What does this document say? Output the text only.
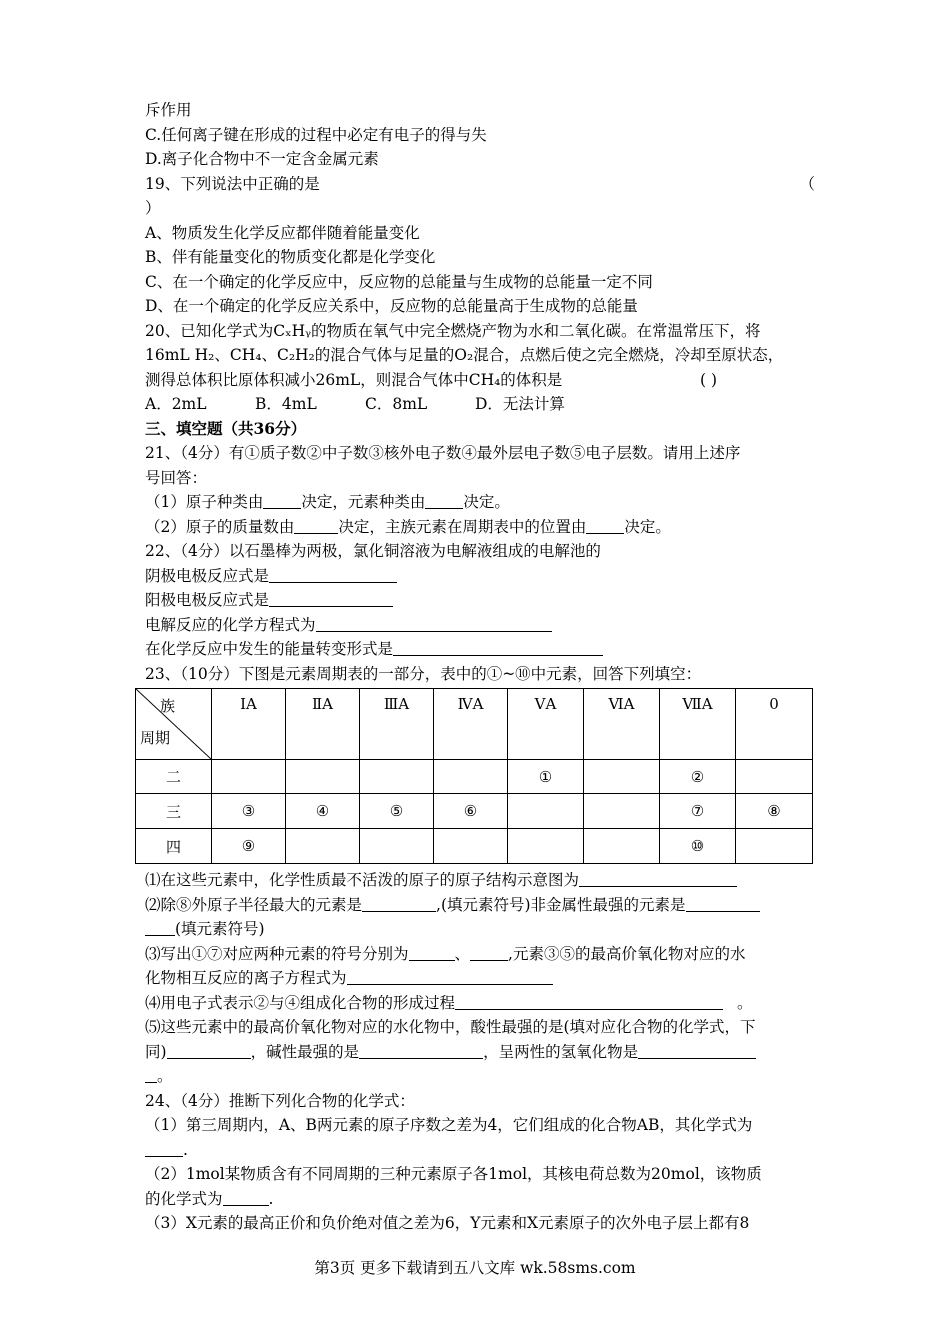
斥作用
C.任何离子键在形成的过程中必定有电子的得与失
D.离子化合物中不一定含金属元素
19、下列说法中正确的是	（
）
A、物质发生化学反应都伴随着能量变化
B、伴有能量变化的物质变化都是化学变化
C、在一个确定的化学反应中，反应物的总能量与生成物的总能量一定不同
D、在一个确定的化学反应关系中，反应物的总能量高于生成物的总能量
20、已知化学式为CₓHᵧ的物质在氧气中完全燃烧产物为水和二氧化碳。在常温常压下，将
16mL H₂、CH₄、C₂H₂的混合气体与足量的O₂混合，点燃后使之完全燃烧，冷却至原状态，
测得总体积比原体积减小26mL，则混合气体中CH₄的体积是	( )
A．2mL	B．4mL	C．8mL	D．无法计算
三、填空题（共36分）
21、（4分）有①质子数②中子数③核外电子数④最外层电子数⑤电子层数。请用上述序
号回答：
（1）原子种类由 决定，元素种类由 决定。
（2）原子的质量数由	决定，主族元素在周期表中的位置由 决定。
22、（4分）以石墨棒为两极，氯化铜溶液为电解液组成的电解池的
阴极电极反应式是
阳极电极反应式是
电解反应的化学方程式为
在化学反应中发生的能量转变形式是
23、（10分）下图是元素周期表的一部分，表中的①~⑩中元素，回答下列填空：
族
周期	ⅠA	ⅡA	ⅢA	ⅣA	ⅤA	ⅥA	ⅦA	0
二					①		②	
三	③	④	⑤	⑥			⑦	⑧
四	⑨						⑩	
⑴在这些元素中，化学性质最不活泼的原子的原子结构示意图为
⑵除⑧外原子半径最大的元素是	,(填元素符号)非金属性最强的元素是
(填元素符号)
⑶写出①⑦对应两种元素的符号分别为	、 ,元素③⑤的最高价氧化物对应的水
化物相互反应的离子方程式为
⑷用电子式表示②与④组成化合物的形成过程	。
⑸这些元素中的最高价氧化物对应的水化物中，酸性最强的是(填对应化合物的化学式，下
同)	，碱性最强的是	，呈两性的氢氧化物是
。
24、（4分）推断下列化合物的化学式：
（1）第三周期内，A、B两元素的原子序数之差为4，它们组成的化合物AB，其化学式为
.
（2）1mol某物质含有不同周期的三种元素原子各1mol，其核电荷总数为20mol，该物质
的化学式为	.
（3）X元素的最高正价和负价绝对值之差为6，Y元素和X元素原子的次外电子层上都有8
第3页 更多下载请到五八文库 wk.58sms.com
